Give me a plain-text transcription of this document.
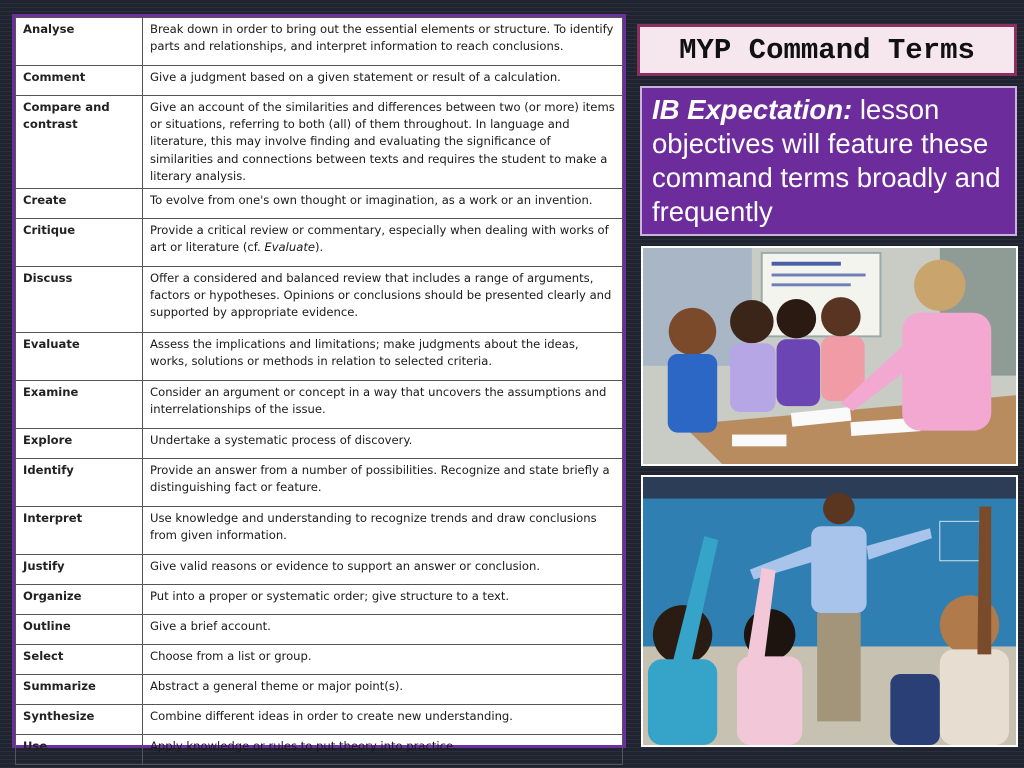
Analyse	Break down in order to bring out the essential elements or structure. To identify parts and relationships, and interpret information to reach conclusions.
Comment	Give a judgment based on a given statement or result of a calculation.
Compare and contrast	Give an account of the similarities and differences between two (or more) items or situations, referring to both (all) of them throughout. In language and literature, this may involve finding and evaluating the significance of similarities and connections between texts and requires the student to make a literary analysis.
Create	To evolve from one's own thought or imagination, as a work or an invention.
Critique	Provide a critical review or commentary, especially when dealing with works of art or literature (cf. Evaluate).
Discuss	Offer a considered and balanced review that includes a range of arguments, factors or hypotheses. Opinions or conclusions should be presented clearly and supported by appropriate evidence.
Evaluate	Assess the implications and limitations; make judgments about the ideas, works, solutions or methods in relation to selected criteria.
Examine	Consider an argument or concept in a way that uncovers the assumptions and interrelationships of the issue.
Explore	Undertake a systematic process of discovery.
Identify	Provide an answer from a number of possibilities. Recognize and state briefly a distinguishing fact or feature.
Interpret	Use knowledge and understanding to recognize trends and draw conclusions from given information.
Justify	Give valid reasons or evidence to support an answer or conclusion.
Organize	Put into a proper or systematic order; give structure to a text.
Outline	Give a brief account.
Select	Choose from a list or group.
Summarize	Abstract a general theme or major point(s).
Synthesize	Combine different ideas in order to create new understanding.
Use	Apply knowledge or rules to put theory into practice.
MYP Command Terms
IB Expectation: lesson objectives will feature these command terms broadly and frequently
